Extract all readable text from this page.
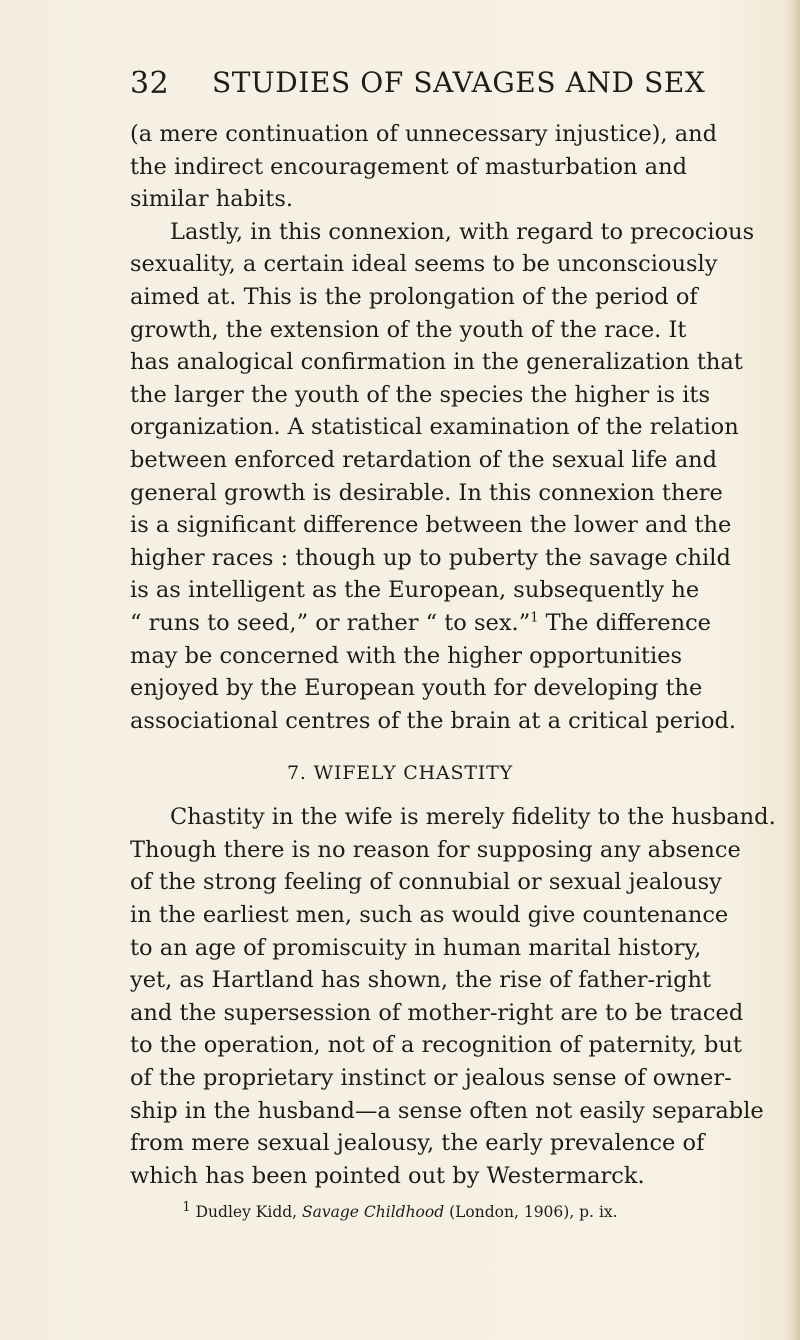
32 STUDIES OF SAVAGES AND SEX
(a mere continuation of unnecessary injustice), and
the indirect encouragement of masturbation and
similar habits.
Lastly, in this connexion, with regard to precocious
sexuality, a certain ideal seems to be unconsciously
aimed at. This is the prolongation of the period of
growth, the extension of the youth of the race. It
has analogical confirmation in the generalization that
the larger the youth of the species the higher is its
organization. A statistical examination of the relation
between enforced retardation of the sexual life and
general growth is desirable. In this connexion there
is a significant difference between the lower and the
higher races : though up to puberty the savage child
is as intelligent as the European, subsequently he
“ runs to seed,” or rather “ to sex.”$^1$ The difference
may be concerned with the higher opportunities
enjoyed by the European youth for developing the
associational centres of the brain at a critical period.
7. WIFELY CHASTITY
Chastity in the wife is merely fidelity to the husband.
Though there is no reason for supposing any absence
of the strong feeling of connubial or sexual jealousy
in the earliest men, such as would give countenance
to an age of promiscuity in human marital history,
yet, as Hartland has shown, the rise of father-right
and the supersession of mother-right are to be traced
to the operation, not of a recognition of paternity, but
of the proprietary instinct or jealous sense of owner-
ship in the husband—a sense often not easily separable
from mere sexual jealousy, the early prevalence of
which has been pointed out by Westermarck.
$^1$ Dudley Kidd, Savage Childhood (London, 1906), p. ix.
